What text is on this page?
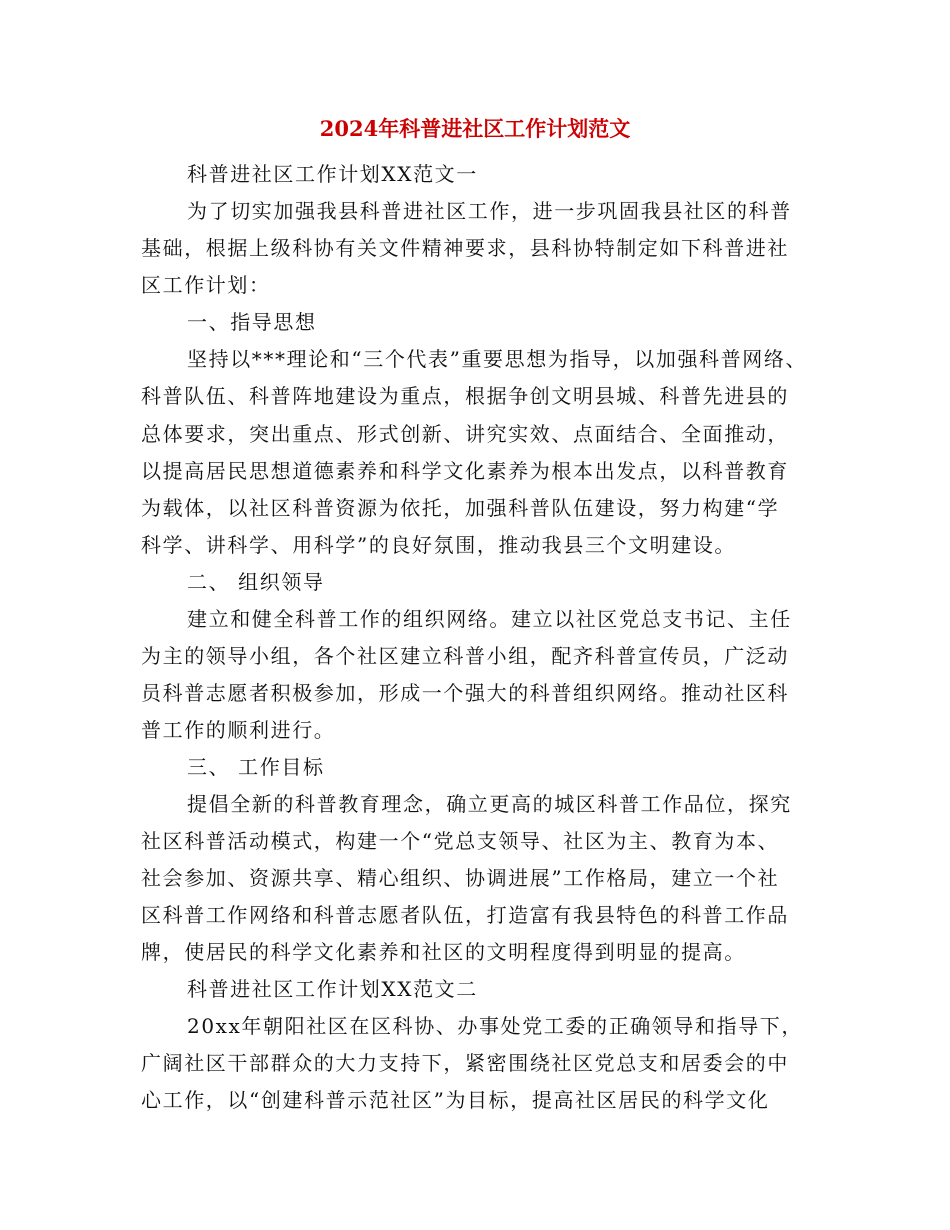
2024年科普进社区工作计划范文
科普进社区工作计划XX范文一
为了切实加强我县科普进社区工作，进一步巩固我县社区的科普
基础，根据上级科协有关文件精神要求，县科协特制定如下科普进社
区工作计划：
一、指导思想
坚持以***理论和“三个代表”重要思想为指导，以加强科普网络、
科普队伍、科普阵地建设为重点，根据争创文明县城、科普先进县的
总体要求，突出重点、形式创新、讲究实效、点面结合、全面推动，
以提高居民思想道德素养和科学文化素养为根本出发点，以科普教育
为载体，以社区科普资源为依托，加强科普队伍建设，努力构建“学
科学、讲科学、用科学”的良好氛围，推动我县三个文明建设。
二、 组织领导
建立和健全科普工作的组织网络。建立以社区党总支书记、主任
为主的领导小组，各个社区建立科普小组，配齐科普宣传员，广泛动
员科普志愿者积极参加，形成一个强大的科普组织网络。推动社区科
普工作的顺利进行。
三、 工作目标
提倡全新的科普教育理念，确立更高的城区科普工作品位，探究
社区科普活动模式，构建一个“党总支领导、社区为主、教育为本、
社会参加、资源共享、精心组织、协调进展”工作格局，建立一个社
区科普工作网络和科普志愿者队伍，打造富有我县特色的科普工作品
牌，使居民的科学文化素养和社区的文明程度得到明显的提高。
科普进社区工作计划XX范文二
20xx年朝阳社区在区科协、办事处党工委的正确领导和指导下，
广阔社区干部群众的大力支持下，紧密围绕社区党总支和居委会的中
心工作，以“创建科普示范社区”为目标，提高社区居民的科学文化
